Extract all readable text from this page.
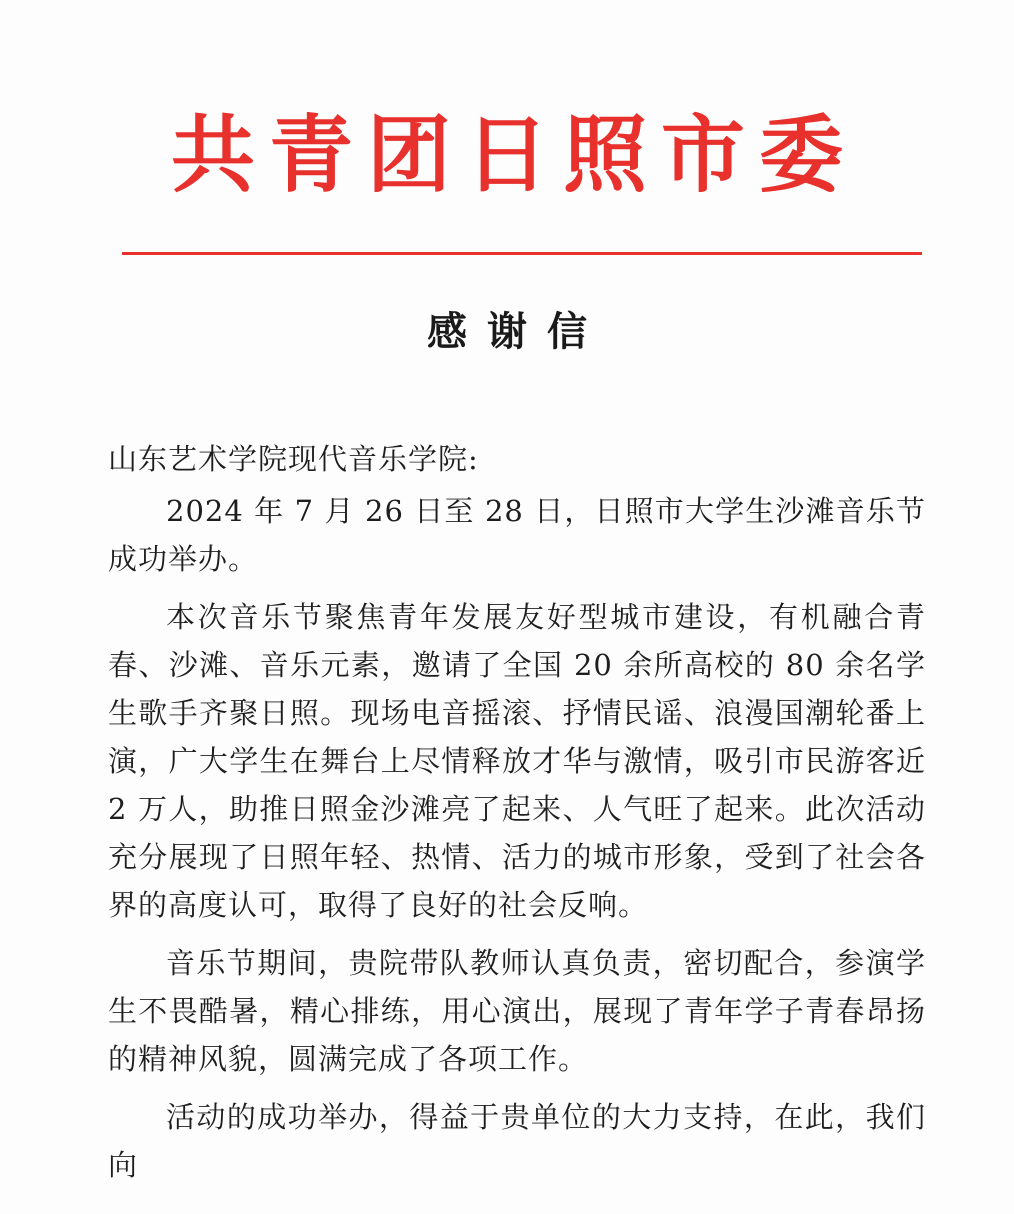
共青团日照市委
感谢信

山东艺术学院现代音乐学院:

2024 年 7 月 26 日至 28 日，日照市大学生沙滩音乐节成功举办。

本次音乐节聚焦青年发展友好型城市建设，有机融合青春、沙滩、音乐元素，邀请了全国 20 余所高校的 80 余名学生歌手齐聚日照。现场电音摇滚、抒情民谣、浪漫国潮轮番上演，广大学生在舞台上尽情释放才华与激情，吸引市民游客近 2 万人，助推日照金沙滩亮了起来、人气旺了起来。此次活动充分展现了日照年轻、热情、活力的城市形象，受到了社会各界的高度认可，取得了良好的社会反响。

音乐节期间，贵院带队教师认真负责，密切配合，参演学生不畏酷暑，精心排练，用心演出，展现了青年学子青春昂扬的精神风貌，圆满完成了各项工作。

活动的成功举办，得益于贵单位的大力支持，在此，我们向
